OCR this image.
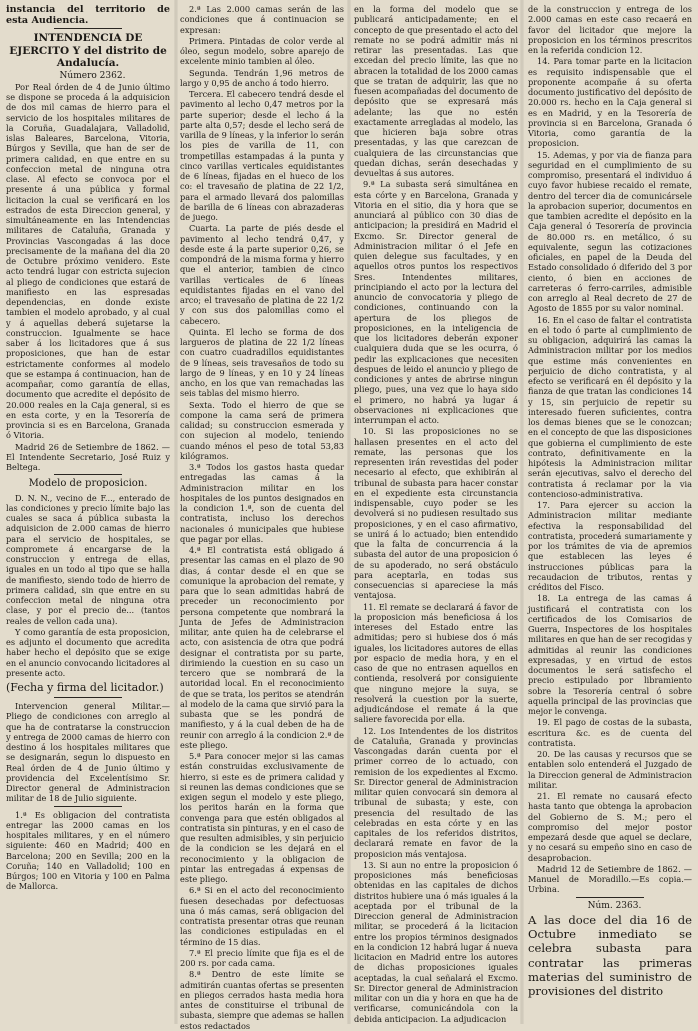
instancia del territorio de esta Audiencia.

INTENDENCIA DE EJERCITO Y del distrito de Andalucía.

Número 2362.

Por Real órden de 4 de Junio último se dispone se proceda á la adquisicion de dos mil camas de hierro para el servicio de los hospitales militares de la Coruña, Guadalajara, Valladolid, islas Baleares, Barcelona, Vitoria, Búrgos y Sevilla, que han de ser de primera calidad, en que entre en su confeccion metal de ninguna otra clase. Al efecto se convoca por el presente á una pública y formal licitacion la cual se verificará en los estrados de esta Direccion general, y simultáneamente en las Intendencias militares de Cataluña, Granada y Provincias Vascongadas á las doce precisamente de la mañana del dia 20 de Octubre próximo venidero. Este acto tendrá lugar con estricta sujecion al pliego de condiciones que estará de manifiesto en las espresadas dependencias, en donde existe tambien el modelo aprobado, y al cual y á aquellas deberá sujetarse la construccion. Igualmente se hace saber á los licitadores que á sus proposiciones, que han de estar estrictamente conformes al modelo que se estampa á continuacion, han de acompañar, como garantía de ellas, documento que acredite el depósito de 20.000 reales en la Caja general, si es en esta corte, y en la Tesorería de provincia si es en Barcelona, Granada ó Vitoria.

Madrid 26 de Setiembre de 1862. —El Intendente Secretario, José Ruiz y Beltega.

Modelo de proposicion.

D. N. N., vecino de F..., enterado de las condiciones y precio límite bajo las cuales se saca á pública subasta la adquisicion de 2.000 camas de hierro para el servicio de hospitales, se compromete á encargarse de la construccion y entrega de ellas, iguales en un todo al tipo que se halla de manifiesto, siendo todo de hierro de primera calidad, sin que entre en su confeccion metal de ninguna otra clase, y por el precio de... (tantos reales de vellon cada una).

Y como garantía de esta proposicion, es adjunto el documento que acredita haber hecho el depósito que se exige en el anuncio convocando licitadores al presente acto.

(Fecha y firma del licitador.)

Intervencion general Militar.— Pliego de condiciones con arreglo al que ha de contratarse la construccion y entrega de 2000 camas de hierro con destino á los hospitales militares que se designarán, segun lo dispuesto en Real órden de 4 de Junio último y providencia del Excelentísimo Sr. Director general de Administracion militar de 18 de Julio siguiente.

1.ª Es obligacion del contratista entregar las 2000 camas en los hospitales militares, y en el número siguiente: 460 en Madrid; 400 en Barcelona; 200 en Sevilla; 200 en la Coruña; 140 en Valladolid; 100 en Búrgos; 100 en Vitoria y 100 en Palma de Mallorca.

2.ª Las 2.000 camas serán de las condiciones que á continuacion se expresan:

Primera. Pintadas de color verde al óleo, segun modelo, sobre aparejo de excelente minio tambien al óleo.

Segunda. Tendrán 1,96 metros de largo y 0,95 de ancho á todo hierro.

Tercera. El cabecero tendrá desde el pavimento al lecho 0,47 metros por la parte superior; desde el lecho á la parte alta 0,57; desde el lecho será de varilla de 9 líneas, y la inferior lo serán los pies de varilla de 11, con trompetillas estampadas á la punta y cinco varillas verticales equidistantes de 6 líneas, fijadas en el hueco de los co: el travesaño de platina de 22 1/2, para el armado llevará dos palomillas de barilla de 6 líneas con abrazaderas de juego.

Cuarta. La parte de piés desde el pavimento al lecho tendrá 0,47, y desde este á la parte superior 0,26, se compondrá de la misma forma y hierro que el anterior, tambien de cinco varillas verticales de 6 líneas equidistantes fijadas en el vano del arco; el travesaño de platina de 22 1/2 y con sus dos palomillas como el cabecero.

Quinta. El lecho se forma de dos largueros de platina de 22 1/2 líneas con cuatro cuadradillos equidistantes de 9 líneas, seis travesaños de todo su largo de 9 líneas, y en 10 y 24 líneas ancho, en los que van remachadas las seis tablas del mismo hierro.

Sexta. Todo el hierro de que se compone la cama será de primera calidad; su construccion esmerada y con sujecion al modelo, teniendo cuando ménos el peso de total 53,83 kilógramos.

3.ª Todos los gastos hasta quedar entregadas las camas á la Administracion militar en los hospitales de los puntos designados en la condicion 1.ª, son de cuenta del contratista, incluso los derechos nacionales ó municipales que hubiese que pagar por ellas.

4.ª El contratista está obligado á presentar las camas en el plazo de 90 dias, á contar desde el en que se comunique la aprobacion del remate, y para que lo sean admitidas habrá de preceder un reconocimiento por persona competente que nombrará la Junta de Jefes de Administracion militar, ante quien ha de celebrarse el acto, con asistencia de otra que podrá designar el contratista por su parte, dirimiendo la cuestion en su caso un tercero que se nombrará de la autoridad local. En el reconocimiento de que se trata, los peritos se atendrán al modelo de la cama que sirvió para la subasta que se les pondrá de manifiesto, y á la cual deben de ha de reunir con arreglo á la condicion 2.ª de este pliego.

5.ª Para conocer mejor si las camas están construidas exclusivamente de hierro, si este es de primera calidad y si reunen las demas condiciones que se exigen segun el modelo y este pliego, los peritos harán en la forma que convenga para que estén obligados al contratista sin pinturas, y en el caso de que resulten admisibles, y sin perjuicio de la condicion se les dejará en el reconocimiento y la obligacion de pintar las entregadas á expensas de este pliego.

6.ª Si en el acto del reconocimiento fuesen desechadas por defectuosas una ó más camas, será obligacion del contratista presentar otras que reunan las condiciones estipuladas en el término de 15 dias.

7.ª El precio límite que fija es el de 200 rs. por cada cama.

8.ª Dentro de este límite se admitirán cuantas ofertas se presenten en pliegos cerrados hasta media hora antes de constituirse el tribunal de subasta, siempre que ademas se hallen estos redactados

en la forma del modelo que se publicará anticipadamente; en el concepto de que presentado el acto del remate no se podrá admitir más ni retirar las presentadas. Las que excedan del precio límite, las que no abracen la totalidad de los 2000 camas que se tratan de adquirir, las que no fuesen acompañadas del documento de depósito que se expresará más adelante; las que no estén exactamente arregladas al modelo, las que hicieren baja sobre otras presentadas, y las que carezcan de cualquiera de las circunstancias que quedan dichas, serán desechadas y devueltas á sus autores.

9.ª La subasta será simultánea en esta córte y en Barcelona, Granada y Vitoria en el sitio, dia y hora que se anunciará al público con 30 dias de anticipacion; la presidirá en Madrid el Excmo. Sr. Director general de Administracion militar ó el Jefe en quien delegue sus facultades, y en aquellos otros puntos los respectivos Sres. Intendentes militares, principiando el acto por la lectura del anuncio de convocatoria y pliego de condiciones, continuando con la apertura de los pliegos de proposiciones, en la inteligencia de que los licitadores deberán exponer cualquiera duda que se les ocurra, ó pedir las explicaciones que necesiten despues de leido el anuncio y pliego de condiciones y antes de abrirse ningun pliego, pues, una vez que lo haya sido el primero, no habrá ya lugar á observaciones ni explicaciones que interrumpan el acto.

10. Si las proposiciones no se hallasen presentes en el acto del remate, las personas que los representen irán revestidas del poder necesario al efecto, que exhibirán al tribunal de subasta para hacer constar en el expediente esta circunstancia indispensable, cuyo poder se les devolverá si no pudiesen resultado sus proposiciones, y en el caso afirmativo, se unirá á lo actuado; bien entendido que la falta de concurrencia á la subasta del autor de una proposicion ó de su apoderado, no será obstáculo para aceptarla, en todas sus consecuencias si apareciese la más ventajosa.

11. El remate se declarará á favor de la proposicion más beneficiosa á los intereses del Estado entre las admitidas; pero si hubiese dos ó más iguales, los licitadores autores de ellas por espacio de media hora, y en el caso de que no entrasen aquellos en contienda, resolverá por consiguiente que ninguno mejore la suya, se resolverá la cuestion por la suerte, adjudicándose el remate á la que saliere favorecida por ella.

12. Los Intendentes de los distritos de Cataluña, Granada y provincias Vascongadas darán cuenta por el primer correo de lo actuado, con remision de los expedientes al Excmo. Sr. Director general de Administracion militar quien convocará sin demora al tribunal de subasta; y este, con presencia del resultado de las celebradas en esta córte y en las capitales de los referidos distritos, declarará remate en favor de la proposicion más ventajosa.

13. Si aun no entre la proposicion ó proposiciones más beneficiosas obtenidas en las capitales de dichos distritos hubiere una ó más iguales á la aceptada por el tribunal de la Direccion general de Administracion militar, se procederá á la licitacion entre los propios términos designados en la condicion 12 habrá lugar á nueva licitacion en Madrid entre los autores de dichas proposiciones iguales aceptadas, la cual señalará el Excmo. Sr. Director general de Administracion militar con un dia y hora en que ha de verificarse, comunicándola con la debida anticipacion. La adjudicacion

de la construccion y entrega de los 2.000 camas en este caso recaerá en favor del licitador que mejore la proposicion en los términos prescritos en la referida condicion 12.

14. Para tomar parte en la licitacion es requisito indispensable que el proponente acompañe á su oferta documento justificativo del depósito de 20.000 rs. hecho en la Caja general si es en Madrid, y en la Tesorería de provincia si en Barcelona, Granada ó Vitoria, como garantía de la proposicion.

15. Ademas, y por via de fianza para seguridad en el cumplimiento de su compromiso, presentará el individuo á cuyo favor hubiese recaido el remate, dentro del tercer dia de comunicársele la aprobacion superior, documentos en que tambien acredite el depósito en la Caja general ó Tesorería de provincia de 80.000 rs. en metálico, ó su equivalente, segun las cotizaciones oficiales, en papel de la Deuda del Estado consolidado ó diferido del 3 por ciento, ó bien en acciones de carreteras ó ferro-carriles, admisible con arreglo al Real decreto de 27 de Agosto de 1855 por su valor nominal.

16. En el caso de faltar el contratista en el todo ó parte al cumplimiento de su obligacion, adquirirá las camas la Administracion militar por los medios que estime más convenientes en perjuicio de dicho contratista, y al efecto se verificará en él depósito y la fianza de que tratan las condiciones 14 y 15, sin perjuicio de repetir su interesado fueren suficientes, contra los demas bienes que se le conozcan; en el concepto de que las disposiciones que gobierna el cumplimiento de este contrato, definitivamente en la hipótesis la Administracion militar serán ejecutivas, salvo el derecho del contratista á reclamar por la via contencioso-administrativa.

17. Para ejercer su accion la Administracion militar mediante efectiva la responsabilidad del contratista, procederá sumariamente y por los trámites de via de apremios que establecen las leyes é instrucciones públicas para la recaudacion de tributos, rentas y créditos del Fisco.

18. La entrega de las camas á justificará el contratista con los certificados de los Comisarios de Guerra, Inspectores de los hospitales militares en que han de ser recogidas y admitidas al reunir las condiciones expresadas, y en virtud de estos documentos le será satisfecho el precio estipulado por libramiento sobre la Tesorería central ó sobre aquella principal de las provincias que mejor le convenga.

19. El pago de costas de la subasta, escritura &c. es de cuenta del contratista.

20. De las causas y recursos que se entablen solo entenderá el Juzgado de la Direccion general de Administracion militar.

21. El remate no causará efecto hasta tanto que obtenga la aprobacion del Gobierno de S. M.; pero el compromiso del mejor postor empezará desde que aquel se declare, y no cesará su empeño sino en caso de desaprobacion.

Madrid 12 de Setiembre de 1862. —Manuel de Moradillo.—Es copia.—Urbina.

Núm. 2363.

A las doce del dia 16 de Octubre inmediato se celebra subasta para contratar las primeras materias del suministro de provisiones del distrito
